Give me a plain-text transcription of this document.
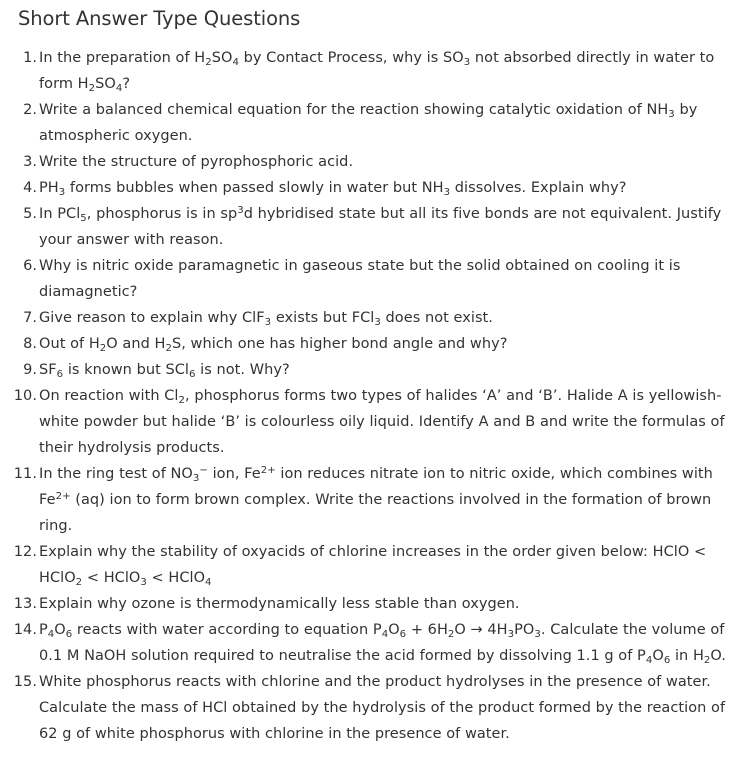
Short Answer Type Questions
1. In the preparation of $H_2SO_4$ by Contact Process, why is $SO_3$ not absorbed directly in water to form $H_2SO_4$?
2. Write a balanced chemical equation for the reaction showing catalytic oxidation of $NH_3$ by atmospheric oxygen.
3. Write the structure of pyrophosphoric acid.
4. $PH_3$ forms bubbles when passed slowly in water but $NH_3$ dissolves. Explain why?
5. In PCl$_5$, phosphorus is in $sp^3d$ hybridised state but all its five bonds are not equivalent. Justify your answer with reason.
6. Why is nitric oxide paramagnetic in gaseous state but the solid obtained on cooling it is diamagnetic?
7. Give reason to explain why ClF$_3$ exists but FCl$_3$ does not exist.
8. Out of $H_2O$ and $H_2S$, which one has higher bond angle and why?
9. $SF_6$ is known but SCl$_6$ is not. Why?
10. On reaction with $Cl_2$, phosphorus forms two types of halides ‘A’ and ‘B’. Halide A is yellowish-white powder but halide ‘B’ is colourless oily liquid. Identify A and B and write the formulas of their hydrolysis products.
11. In the ring test of $NO_3^-$ ion, $Fe^{2+}$ ion reduces nitrate ion to nitric oxide, which combines with $Fe^{2+}$ (aq) ion to form brown complex. Write the reactions involved in the formation of brown ring.
12. Explain why the stability of oxyacids of chlorine increases in the order given below: HClO < HClO$_2$ < HClO$_3$ < HClO$_4$
13. Explain why ozone is thermodynamically less stable than oxygen.
14. $P_4O_6$ reacts with water according to equation $P_4O_6 + 6H_2O \to 4H_3PO_3$. Calculate the volume of 0.1 M NaOH solution required to neutralise the acid formed by dissolving 1.1 g of $P_4O_6$ in $H_2O$.
15. White phosphorus reacts with chlorine and the product hydrolyses in the presence of water. Calculate the mass of HCl obtained by the hydrolysis of the product formed by the reaction of 62 g of white phosphorus with chlorine in the presence of water.
